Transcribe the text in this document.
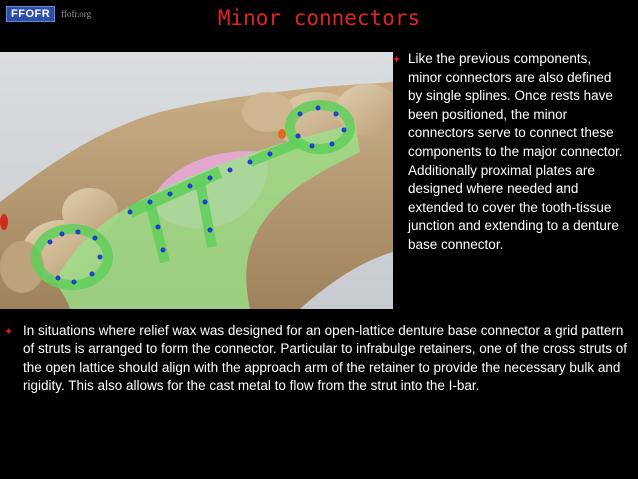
FFOFR	ffofr.org	Minor connectors
✦ Like the previous components, minor connectors are also defined by single splines. Once rests have been positioned, the minor connectors serve to connect these components to the major connector. Additionally proximal plates are designed where needed and extended to cover the tooth-tissue junction and extending to a denture base connector.
✦ In situations where relief wax was designed for an open-lattice denture base connector a grid pattern of struts is arranged to form the connector. Particular to infrabulge retainers, one of the cross struts of the open lattice should align with the approach arm of the retainer to provide the necessary bulk and rigidity. This also allows for the cast metal to flow from the strut into the I-bar.
